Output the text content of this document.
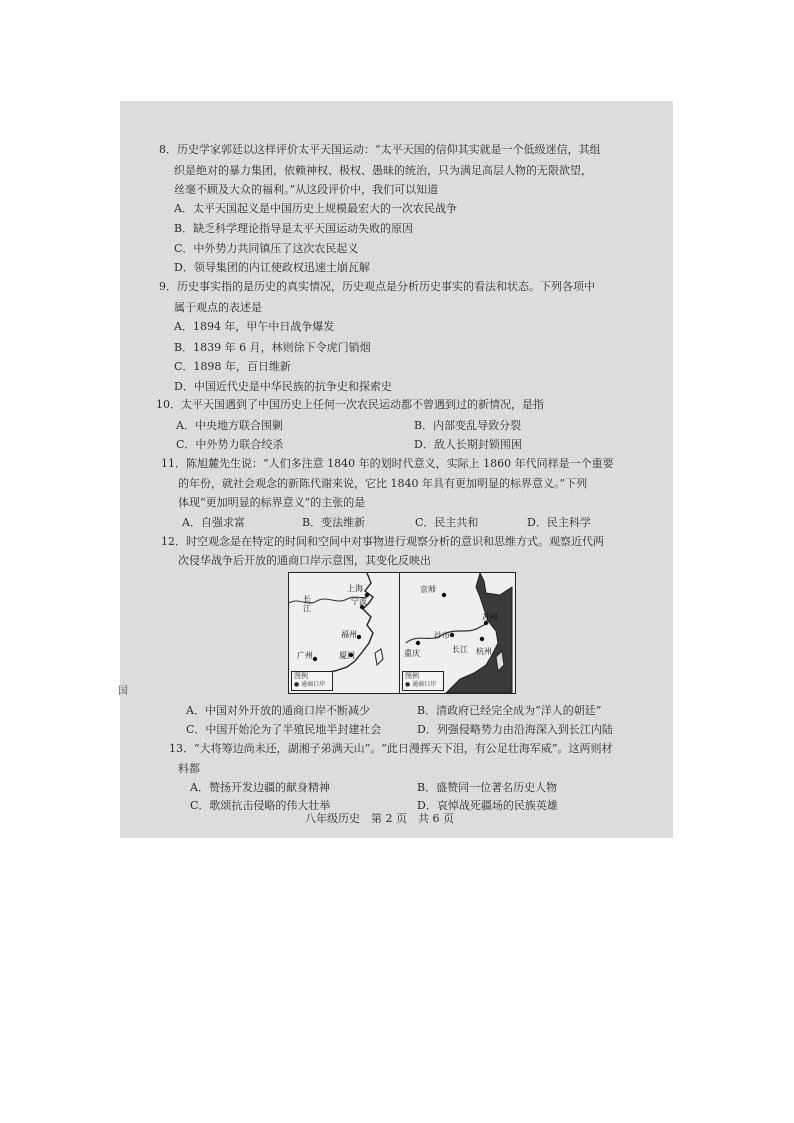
8．历史学家郭廷以这样评价太平天国运动：“太平天国的信仰其实就是一个低级迷信，其组
织是绝对的暴力集团，依赖神权、极权、愚昧的统治，只为满足高层人物的无限欲望，
丝毫不顾及大众的福利。”从这段评价中，我们可以知道
A．太平天国起义是中国历史上规模最宏大的一次农民战争
B．缺乏科学理论指导是太平天国运动失败的原因
C．中外势力共同镇压了这次农民起义
D．领导集团的内讧使政权迅速土崩瓦解
9．历史事实指的是历史的真实情况，历史观点是分析历史事实的看法和状态。下列各项中
属于观点的表述是
A．1894 年，甲午中日战争爆发
B．1839 年 6 月，林则徐下令虎门销烟
C．1898 年，百日维新
D．中国近代史是中华民族的抗争史和探索史
10．太平天国遇到了中国历史上任何一次农民运动都不曾遇到过的新情况，是指
A．中央地方联合围剿	B．内部变乱导致分裂
C．中外势力联合绞杀	D．敌人长期封锁围困
11．陈旭麓先生说：“人们多注意 1840 年的划时代意义，实际上 1860 年代同样是一个重要
的年份，就社会观念的新陈代谢来说，它比 1840 年具有更加明显的标界意义。”下列
体现“更加明显的标界意义”的主张的是
A．自强求富	B．变法维新	C．民主共和	D．民主科学
12．时空观念是在特定的时间和空间中对事物进行观察分析的意识和思维方式。观察近代两
次侵华战争后开放的通商口岸示意图，其变化反映出
上海
宁波
长江
福州
广州	厦门
图例
● 通商口岸
京师
苏州
沙市
重庆	长江 杭州
图例
● 通商口岸
A．中国对外开放的通商口岸不断减少	B．清政府已经完全成为“洋人的朝廷”
C．中国开始沦为了半殖民地半封建社会	D．列强侵略势力由沿海深入到长江内陆
13．“大将筹边尚未还，湖湘子弟满天山”。“此日漫挥天下泪，有公足壮海军威”。这两则材
料都
A．赞扬开发边疆的献身精神	B．盛赞同一位著名历史人物
C．歌颂抗击侵略的伟大壮举	D．哀悼战死疆场的民族英雄
八年级历史　第 2 页　共 6 页
国
